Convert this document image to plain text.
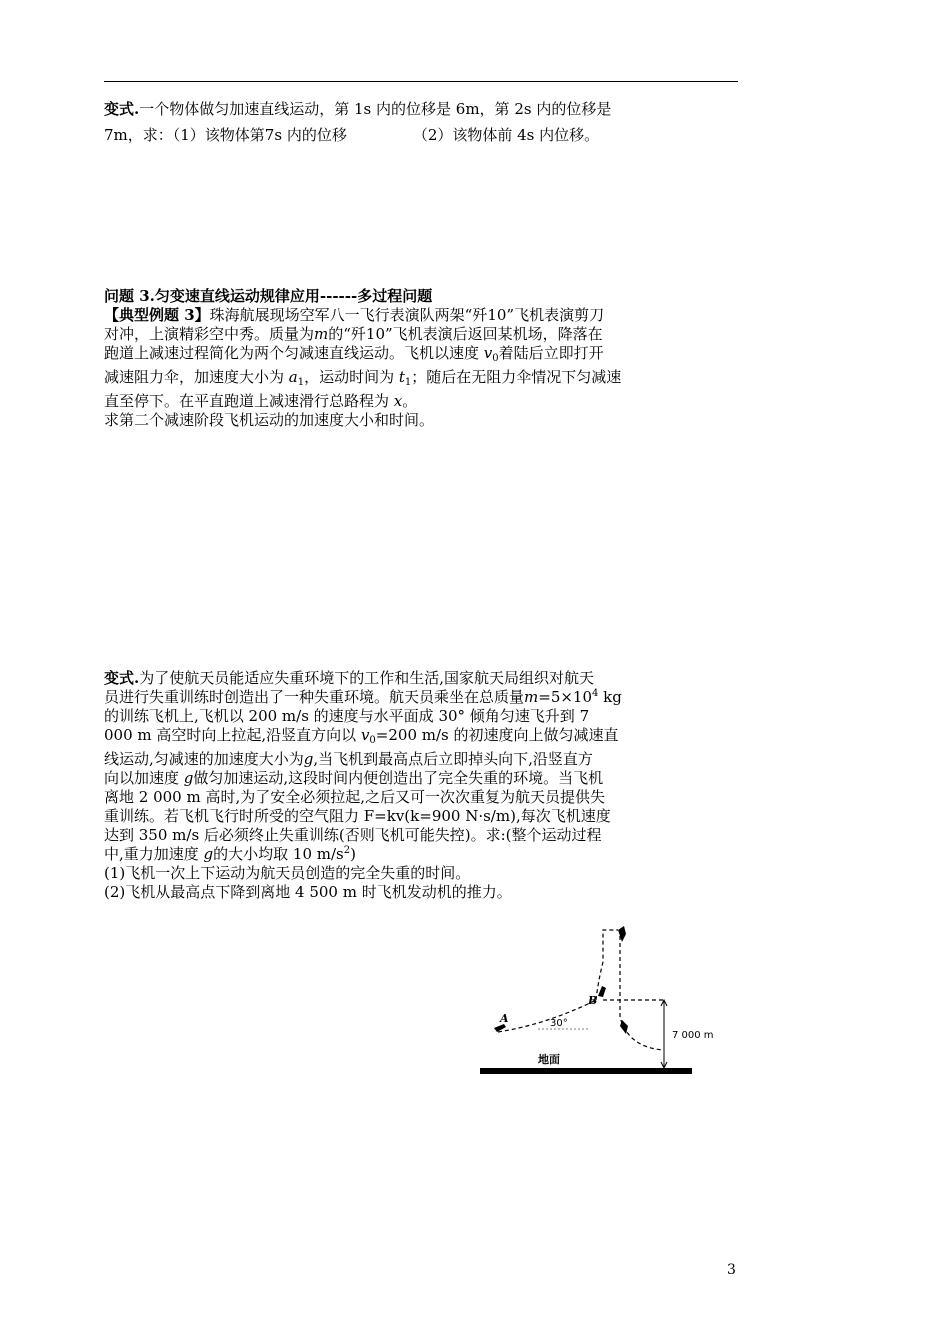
变式.一个物体做匀加速直线运动，第 1s 内的位移是 6m，第 2s 内的位移是
7m，求：（1）该物体第7s 内的位移	（2）该物体前 4s 内位移。
问题 3.匀变速直线运动规律应用------多过程问题
【典型例题 3】珠海航展现场空军八一飞行表演队两架“歼10”飞机表演剪刀
对冲，上演精彩空中秀。质量为m的“歼10”飞机表演后返回某机场，降落在
跑道上减速过程简化为两个匀减速直线运动。飞机以速度 $v_0$着陆后立即打开
减速阻力伞，加速度大小为 $a_1$，运动时间为 $t_1$；随后在无阻力伞情况下匀减速
直至停下。在平直跑道上减速滑行总路程为 x。
求第二个减速阶段飞机运动的加速度大小和时间。
变式.为了使航天员能适应失重环境下的工作和生活,国家航天局组织对航天
员进行失重训练时创造出了一种失重环境。航天员乘坐在总质量$m=5\times 10^4$ kg
的训练飞机上,飞机以 200 m/s 的速度与水平面成 30° 倾角匀速飞升到 7
000 m 高空时向上拉起,沿竖直方向以 $v_0=200$ m/s 的初速度向上做匀减速直
线运动,匀减速的加速度大小为g,当飞机到最高点后立即掉头向下,沿竖直方
向以加速度 g做匀加速运动,这段时间内便创造出了完全失重的环境。当飞机
离地 2 000 m 高时,为了安全必须拉起,之后又可一次次重复为航天员提供失
重训练。若飞机飞行时所受的空气阻力 F=kv(k=900 N·s/m),每次飞机速度
达到 350 m/s 后必须终止失重训练(否则飞机可能失控)。求:(整个运动过程
中,重力加速度 g的大小均取 10 $m/s^2$)
(1)飞机一次上下运动为航天员创造的完全失重的时间。
(2)飞机从最高点下降到离地 4 500 m 时飞机发动机的推力。
地面
30°
A
B
7 000 m
3
